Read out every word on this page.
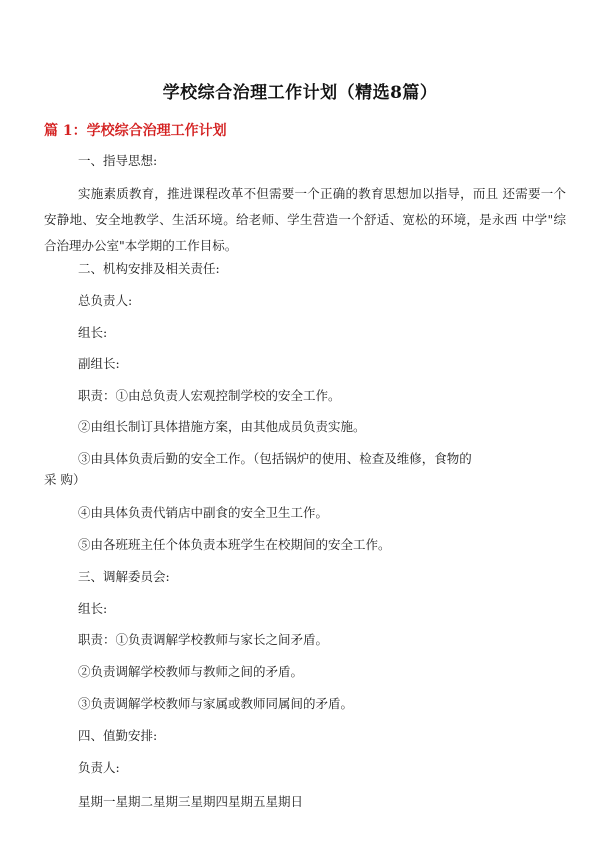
学校综合治理工作计划（精选8篇）
篇 1：学校综合治理工作计划
一、指导思想:
实施素质教育，推进课程改革不但需要一个正确的教育思想加以指导，而且 还需要一个安静地、安全地教学、生活环境。给老师、学生营造一个舒适、宽松的环境，是永西 中学"综合治理办公室"本学期的工作目标。
二、机构安排及相关责任:
总负责人:
组长:
副组长:
职责：①由总负责人宏观控制学校的安全工作。
②由组长制订具体措施方案，由其他成员负责实施。
③由具体负责后勤的安全工作。（包括锅炉的使用、检查及维修，食物的
采 购）
④由具体负责代销店中副食的安全卫生工作。
⑤由各班班主任个体负责本班学生在校期间的安全工作。
三、调解委员会:
组长:
职责：①负责调解学校教师与家长之间矛盾。
②负责调解学校教师与教师之间的矛盾。
③负责调解学校教师与家属或教师同属间的矛盾。
四、值勤安排:
负责人:
星期一星期二星期三星期四星期五星期日
